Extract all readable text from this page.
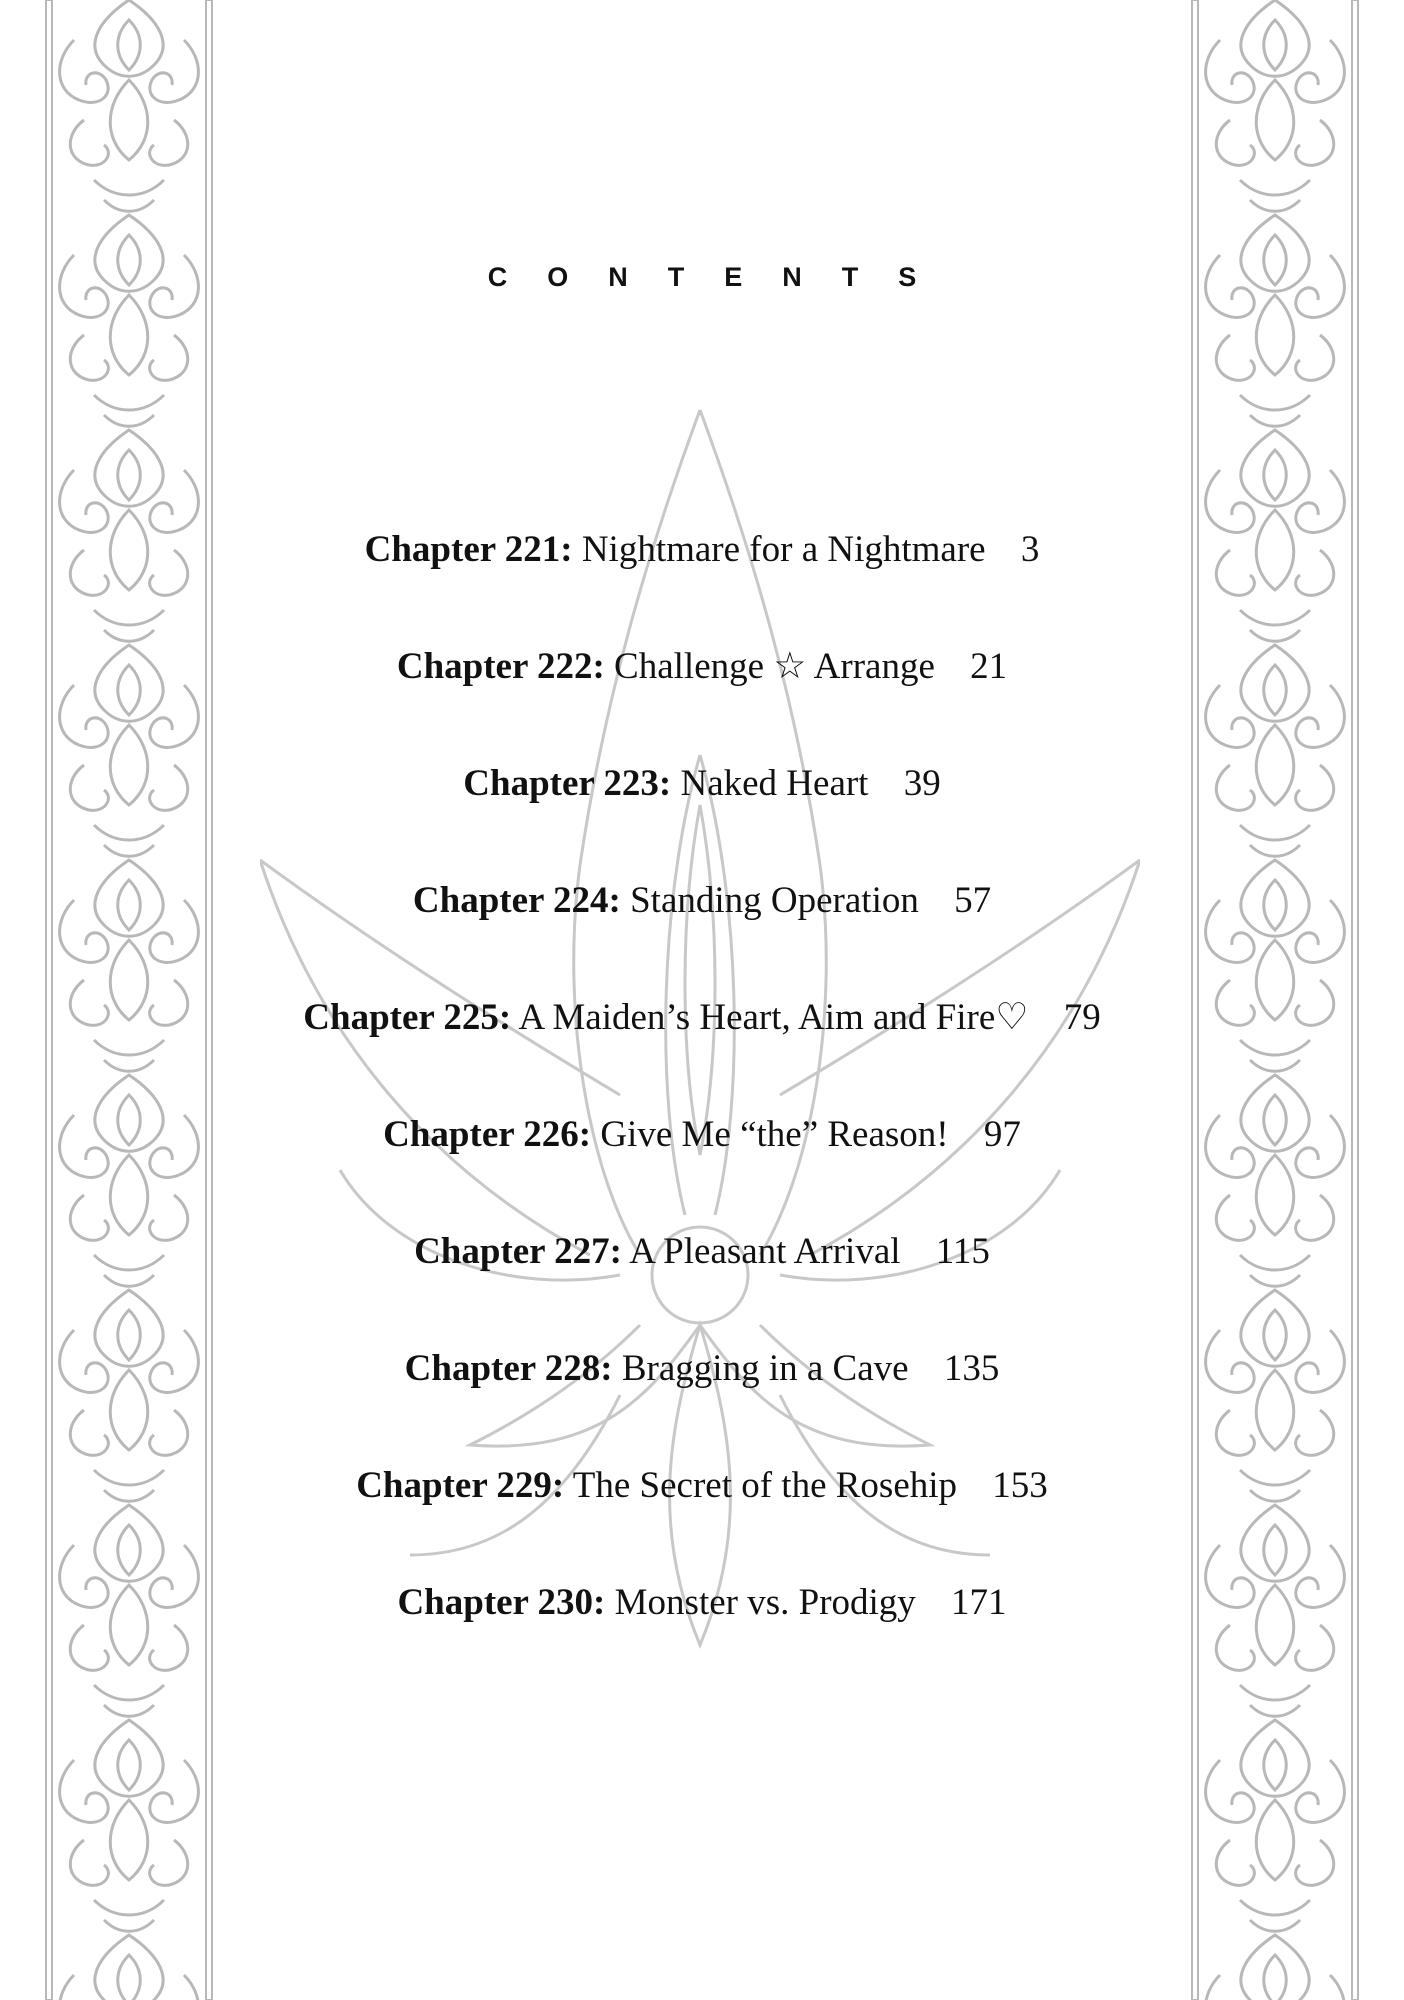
CONTENTS
Chapter 221: Nightmare for a Nightmare 3
Chapter 222: Challenge ☆ Arrange 21
Chapter 223: Naked Heart 39
Chapter 224: Standing Operation 57
Chapter 225: A Maiden’s Heart, Aim and Fire♡ 79
Chapter 226: Give Me “the” Reason! 97
Chapter 227: A Pleasant Arrival 115
Chapter 228: Bragging in a Cave 135
Chapter 229: The Secret of the Rosehip 153
Chapter 230: Monster vs. Prodigy 171
